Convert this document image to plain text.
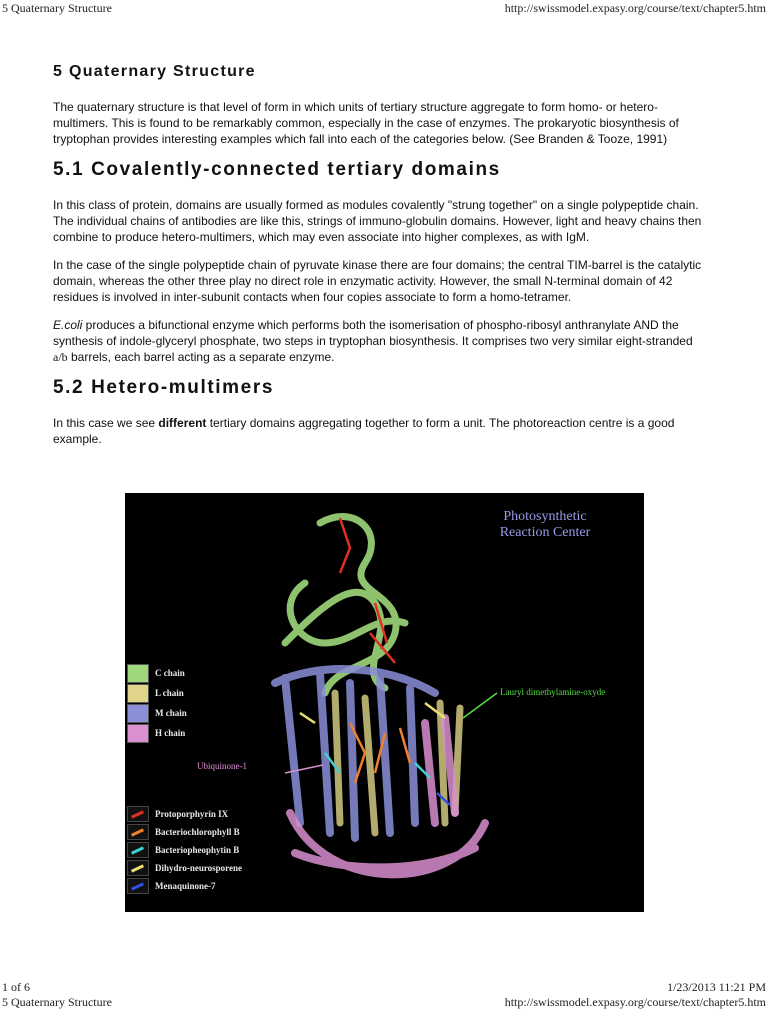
5 Quaternary Structure	http://swissmodel.expasy.org/course/text/chapter5.htm
5 Quaternary Structure

The quaternary structure is that level of form in which units of tertiary structure aggregate to form homo- or hetero-multimers. This is found to be remarkably common, especially in the case of enzymes. The prokaryotic biosynthesis of tryptophan provides interesting examples which fall into each of the categories below. (See Branden & Tooze, 1991)

5.1 Covalently-connected tertiary domains

In this class of protein, domains are usually formed as modules covalently "strung together" on a single polypeptide chain. The individual chains of antibodies are like this, strings of immuno-globulin domains. However, light and heavy chains then combine to produce hetero-multimers, which may even associate into higher complexes, as with IgM.

In the case of the single polypeptide chain of pyruvate kinase there are four domains; the central TIM-barrel is the catalytic domain, whereas the other three play no direct role in enzymatic activity. However, the small N-terminal domain of 42 residues is involved in inter-subunit contacts when four copies associate to form a homo-tetramer.

E.coli produces a bifunctional enzyme which performs both the isomerisation of phospho-ribosyl anthranylate AND the synthesis of indole-glyceryl phosphate, two steps in tryptophan biosynthesis. It comprises two very similar eight-stranded a/b barrels, each barrel acting as a separate enzyme.

5.2 Hetero-multimers

In this case we see different tertiary domains aggregating together to form a unit. The photoreaction centre is a good example.

Photosynthetic
Reaction Center
C chain
L chain
M chain
H chain
Protoporphyrin IX
Bacteriochlorophyll B
Bacteriopheophytin B
Dihydro-neurosporene
Menaquinone-7
Lauryl dimethylamine-oxyde
Ubiquinone-1
1 of 6	1/23/2013 11:21 PM
5 Quaternary Structure	http://swissmodel.expasy.org/course/text/chapter5.htm
